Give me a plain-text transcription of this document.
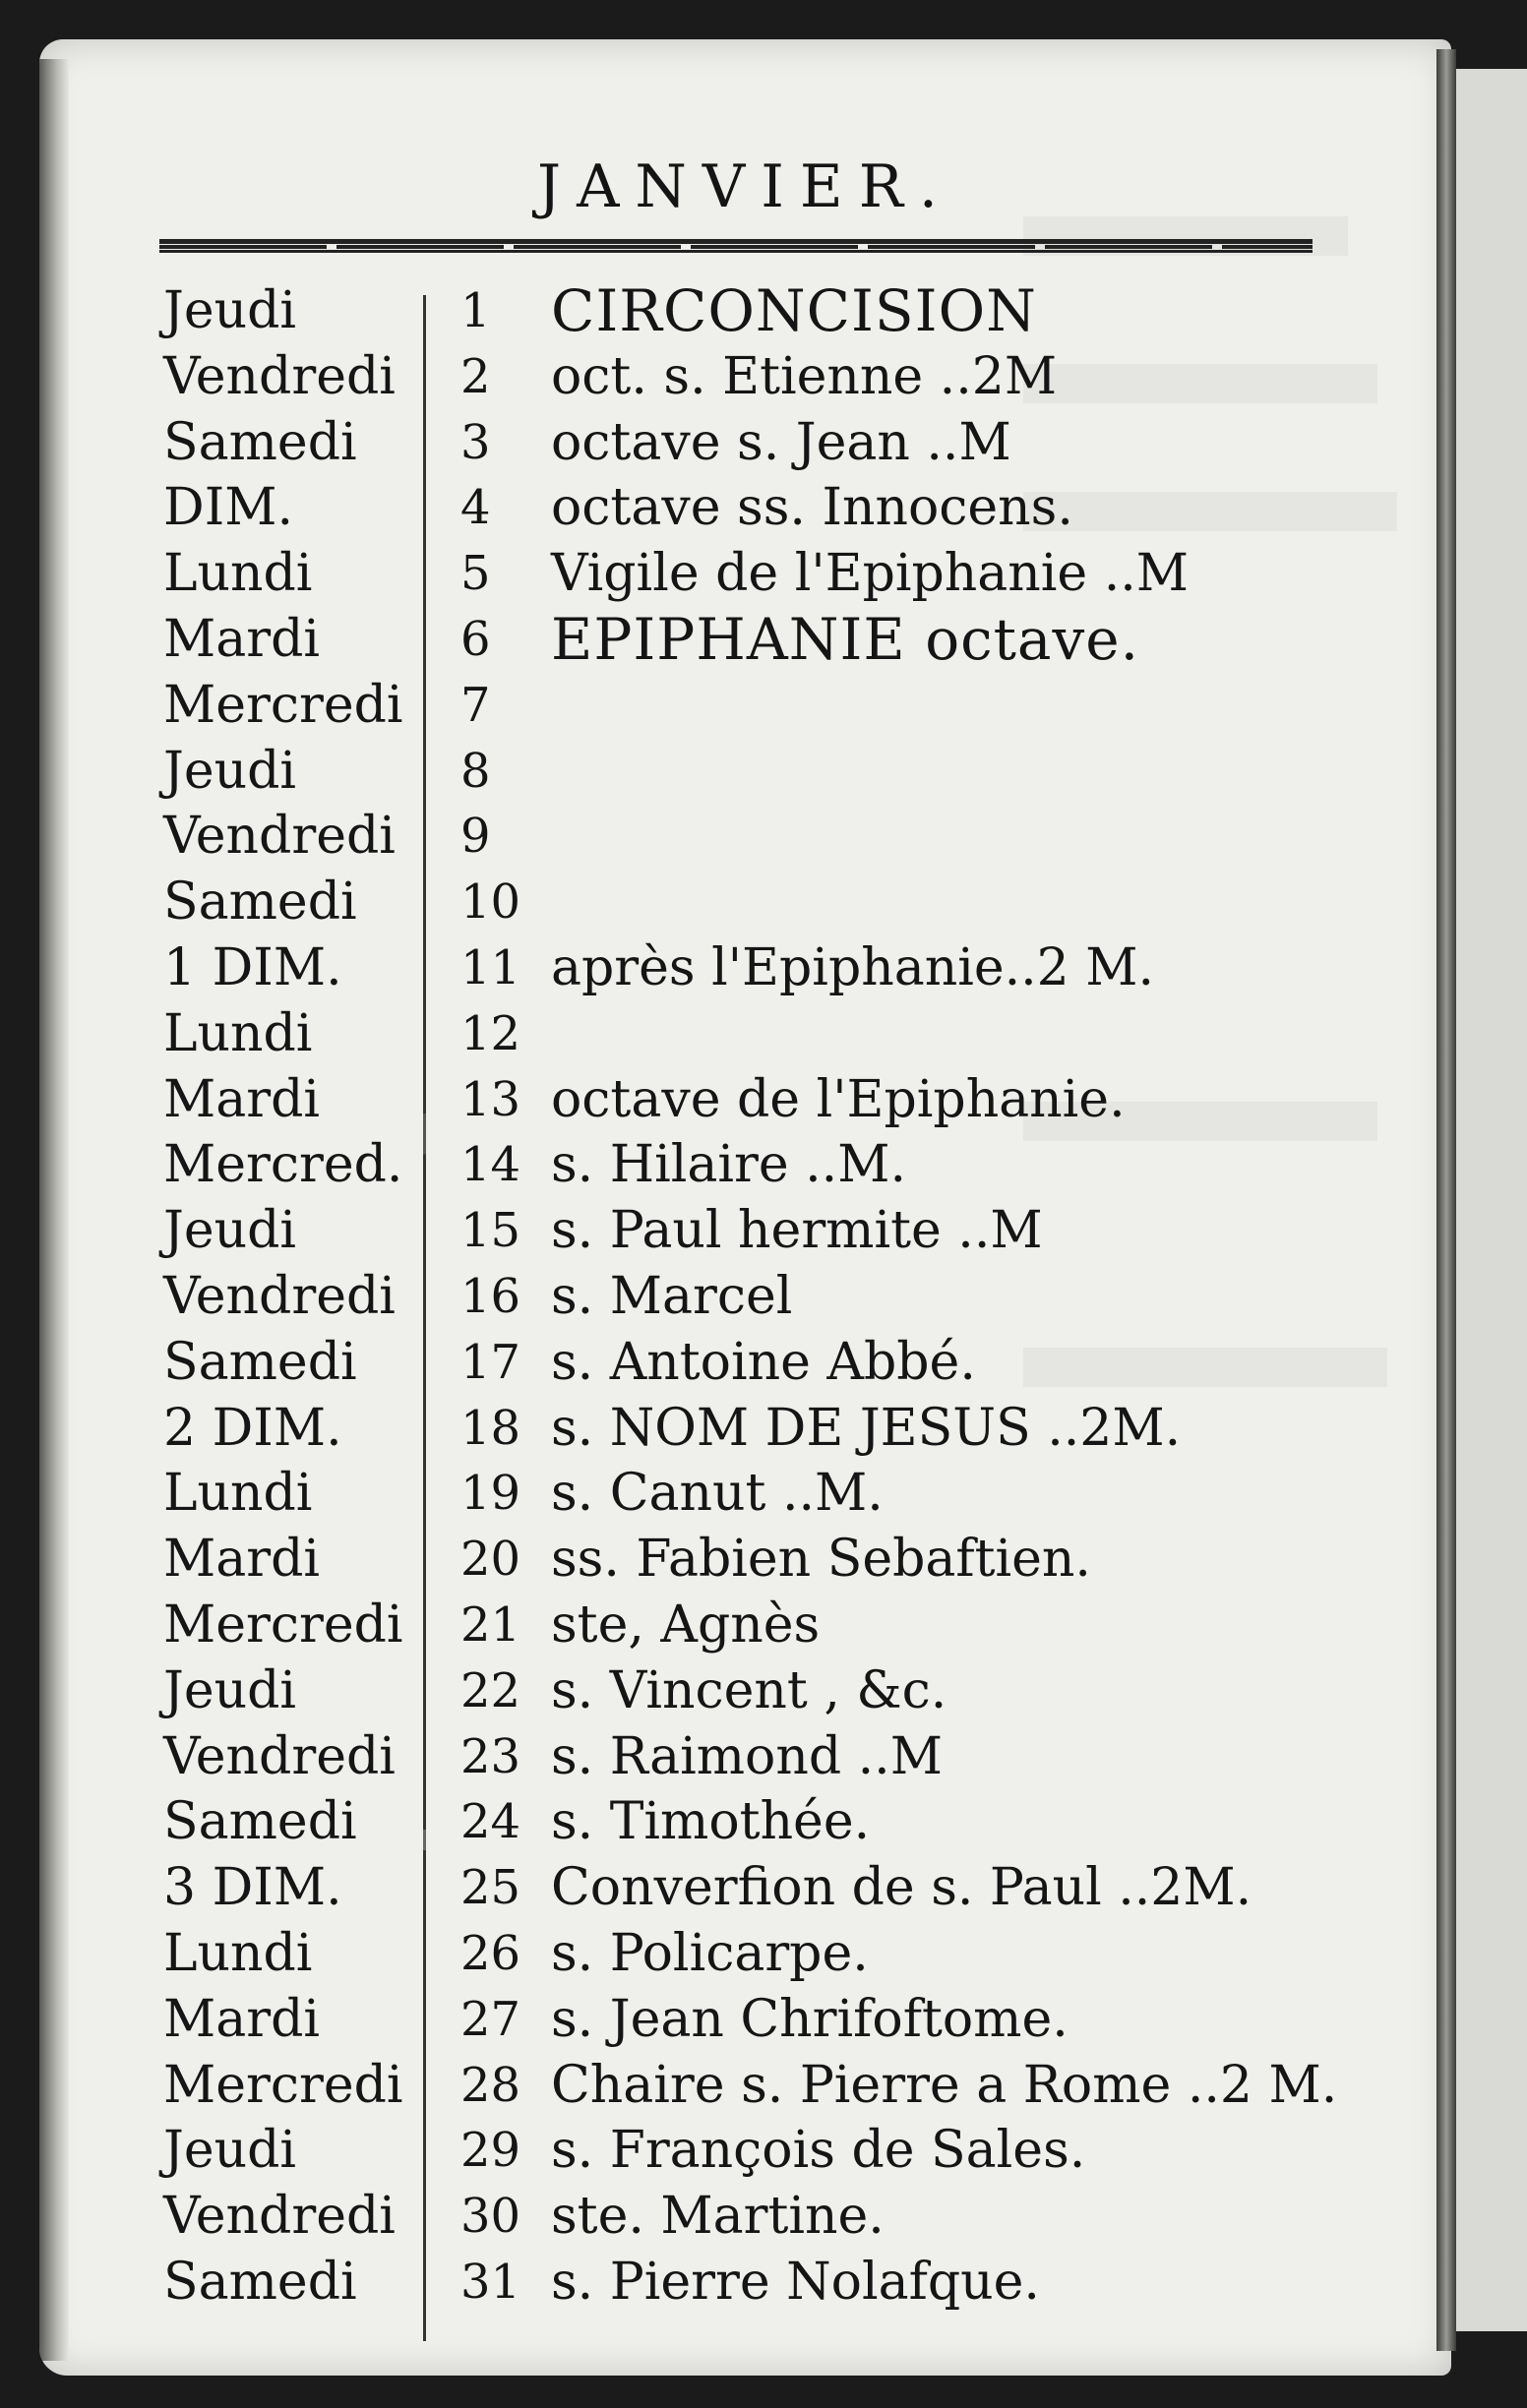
JANVIER.
Jeudi	1	CIRCONCISION
Vendredi 2	oct. s. Etienne ..2M
Samedi 3	octave s. Jean ..M
DIM.	4	octave ss. Innocens.
Lundi	5	Vigile de l'Epiphanie ..M
Mardi	6	EPIPHANIE octave.
Mercredi 7
Jeudi	8
Vendredi 9
Samedi 10
1 DIM.	11 après l'Epiphanie..2 M.
Lundi	12
Mardi	13 octave de l'Epiphanie.
Mercred. 14 s. Hilaire ..M.
Jeudi	15 s. Paul hermite ..M
Vendredi 16 s. Marcel
Samedi 17 s. Antoine Abbé.
2 DIM.	18 s. NOM DE JESUS ..2M.
Lundi	19 s. Canut ..M.
Mardi	20 ss. Fabien Sebaftien.
Mercredi 21 ste, Agnès
Jeudi	22 s. Vincent , &c.
Vendredi 23 s. Raimond ..M
Samedi 24 s. Timothée.
3 DIM.	25 Converfion de s. Paul ..2M.
Lundi	26 s. Policarpe.
Mardi	27 s. Jean Chrifoftome.
Mercredi 28 Chaire s. Pierre a Rome ..2 M.
Jeudi	29 s. François de Sales.
Vendredi 30 ste. Martine.
Samedi 31 s. Pierre Nolafque.
